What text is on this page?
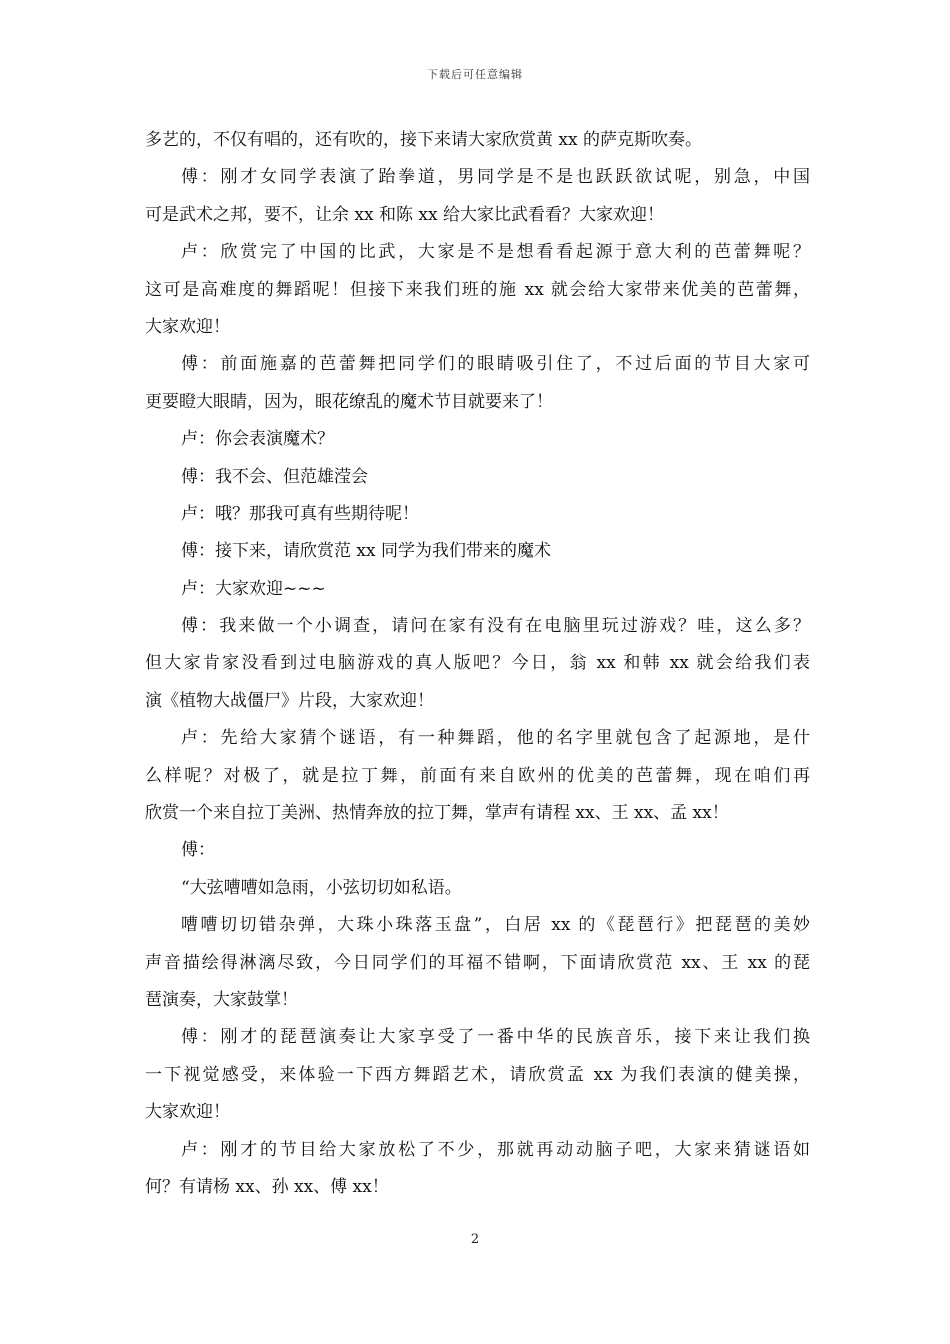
下载后可任意编辑
多艺的，不仅有唱的，还有吹的，接下来请大家欣赏黄 xx 的萨克斯吹奏。
傅：刚才女同学表演了跆拳道，男同学是不是也跃跃欲试呢，别急，中国
可是武术之邦，要不，让余 xx 和陈 xx 给大家比武看看？大家欢迎！
卢：欣赏完了中国的比武，大家是不是想看看起源于意大利的芭蕾舞呢？
这可是高难度的舞蹈呢！但接下来我们班的施 xx 就会给大家带来优美的芭蕾舞，
大家欢迎！
傅：前面施嘉的芭蕾舞把同学们的眼睛吸引住了，不过后面的节目大家可
更要瞪大眼睛，因为，眼花缭乱的魔术节目就要来了！
卢：你会表演魔术？
傅：我不会、但范雄滢会
卢：哦？那我可真有些期待呢！
傅：接下来，请欣赏范 xx 同学为我们带来的魔术
卢：大家欢迎~~~
傅：我来做一个小调查，请问在家有没有在电脑里玩过游戏？哇，这么多？
但大家肯家没看到过电脑游戏的真人版吧？今日，翁 xx 和韩 xx 就会给我们表
演《植物大战僵尸》片段，大家欢迎！
卢：先给大家猜个谜语，有一种舞蹈，他的名字里就包含了起源地，是什
么样呢？对极了，就是拉丁舞，前面有来自欧州的优美的芭蕾舞，现在咱们再
欣赏一个来自拉丁美洲、热情奔放的拉丁舞，掌声有请程 xx、王 xx、孟 xx！
傅：
“大弦嘈嘈如急雨，小弦切切如私语。
嘈嘈切切错杂弹，大珠小珠落玉盘”，白居 xx 的《琵琶行》把琵琶的美妙
声音描绘得淋漓尽致，今日同学们的耳福不错啊，下面请欣赏范 xx、王 xx 的琵
琶演奏，大家鼓掌！
傅：刚才的琵琶演奏让大家享受了一番中华的民族音乐，接下来让我们换
一下视觉感受，来体验一下西方舞蹈艺术，请欣赏孟 xx 为我们表演的健美操，
大家欢迎！
卢：刚才的节目给大家放松了不少，那就再动动脑子吧，大家来猜谜语如
何？有请杨 xx、孙 xx、傅 xx！
2
